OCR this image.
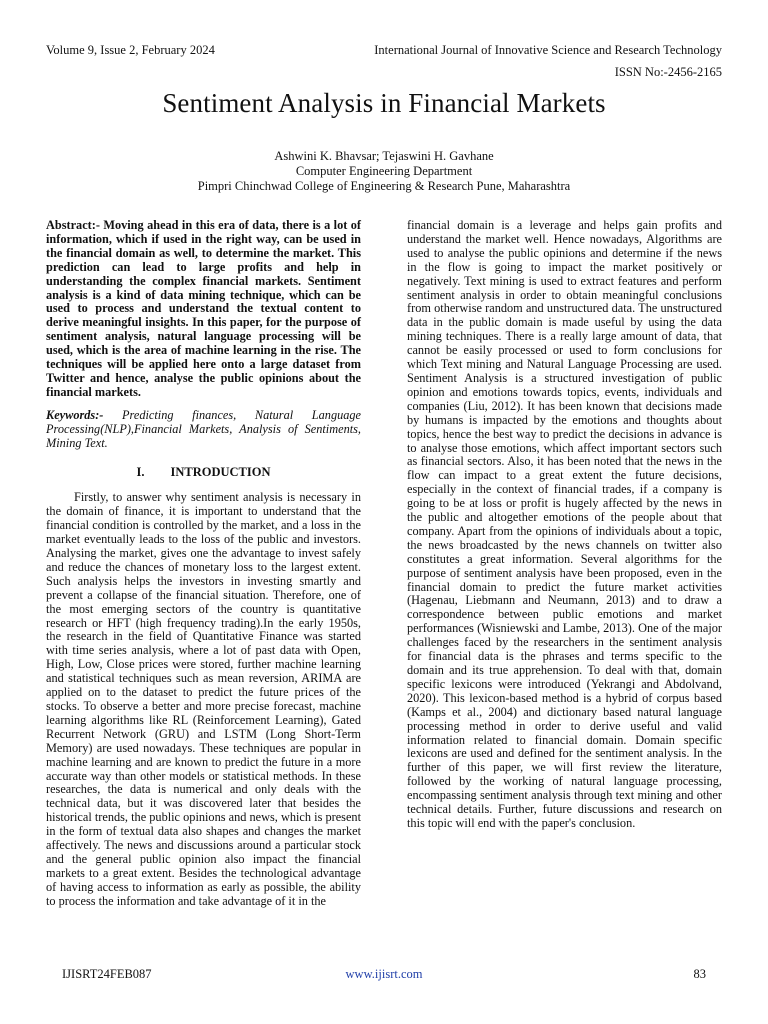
Volume 9, Issue 2, February 2024	International Journal of Innovative Science and Research Technology
ISSN No:-2456-2165
Sentiment Analysis in Financial Markets
Ashwini K. Bhavsar; Tejaswini H. Gavhane
Computer Engineering Department
Pimpri Chinchwad College of Engineering & Research Pune, Maharashtra

Abstract:- Moving ahead in this era of data, there is a lot of information, which if used in the right way, can be used in the financial domain as well, to determine the market. This prediction can lead to large profits and help in understanding the complex financial markets. Sentiment analysis is a kind of data mining technique, which can be used to process and understand the textual content to derive meaningful insights. In this paper, for the purpose of sentiment analysis, natural language processing will be used, which is the area of machine learning in the rise. The techniques will be applied here onto a large dataset from Twitter and hence, analyse the public opinions about the financial markets.

Keywords:- Predicting finances, Natural Language Processing(NLP),Financial Markets, Analysis of Sentiments, Mining Text.

I. INTRODUCTION

Firstly, to answer why sentiment analysis is necessary in the domain of finance, it is important to understand that the financial condition is controlled by the market, and a loss in the market eventually leads to the loss of the public and investors. Analysing the market, gives one the advantage to invest safely and reduce the chances of monetary loss to the largest extent. Such analysis helps the investors in investing smartly and prevent a collapse of the financial situation. Therefore, one of the most emerging sectors of the country is quantitative research or HFT (high frequency trading).In the early 1950s, the research in the field of Quantitative Finance was started with time series analysis, where a lot of past data with Open, High, Low, Close prices were stored, further machine learning and statistical techniques such as mean reversion, ARIMA are applied on to the dataset to predict the future prices of the stocks. To observe a better and more precise forecast, machine learning algorithms like RL (Reinforcement Learning), Gated Recurrent Network (GRU) and LSTM (Long Short-Term Memory) are used nowadays. These techniques are popular in machine learning and are known to predict the future in a more accurate way than other models or statistical methods. In these researches, the data is numerical and only deals with the technical data, but it was discovered later that besides the historical trends, the public opinions and news, which is present in the form of textual data also shapes and changes the market affectively. The news and discussions around a particular stock and the general public opinion also impact the financial markets to a great extent. Besides the technological advantage of having access to information as early as possible, the ability to process the information and take advantage of it in the

financial domain is a leverage and helps gain profits and understand the market well. Hence nowadays, Algorithms are used to analyse the public opinions and determine if the news in the flow is going to impact the market positively or negatively. Text mining is used to extract features and perform sentiment analysis in order to obtain meaningful conclusions from otherwise random and unstructured data. The unstructured data in the public domain is made useful by using the data mining techniques. There is a really large amount of data, that cannot be easily processed or used to form conclusions for which Text mining and Natural Language Processing are used. Sentiment Analysis is a structured investigation of public opinion and emotions towards topics, events, individuals and companies (Liu, 2012). It has been known that decisions made by humans is impacted by the emotions and thoughts about topics, hence the best way to predict the decisions in advance is to analyse those emotions, which affect important sectors such as financial sectors. Also, it has been noted that the news in the flow can impact to a great extent the future decisions, especially in the context of financial trades, if a company is going to be at loss or profit is hugely affected by the news in the public and altogether emotions of the people about that company. Apart from the opinions of individuals about a topic, the news broadcasted by the news channels on twitter also constitutes a great information. Several algorithms for the purpose of sentiment analysis have been proposed, even in the financial domain to predict the future market activities (Hagenau, Liebmann and Neumann, 2013) and to draw a correspondence between public emotions and market performances (Wisniewski and Lambe, 2013). One of the major challenges faced by the researchers in the sentiment analysis for financial data is the phrases and terms specific to the domain and its true apprehension. To deal with that, domain specific lexicons were introduced (Yekrangi and Abdolvand, 2020). This lexicon-based method is a hybrid of corpus based (Kamps et al., 2004) and dictionary based natural language processing method in order to derive useful and valid information related to financial domain. Domain specific lexicons are used and defined for the sentiment analysis. In the further of this paper, we will first review the literature, followed by the working of natural language processing, encompassing sentiment analysis through text mining and other technical details. Further, future discussions and research on this topic will end with the paper's conclusion.

IJISRT24FEB087	www.ijisrt.com	83
